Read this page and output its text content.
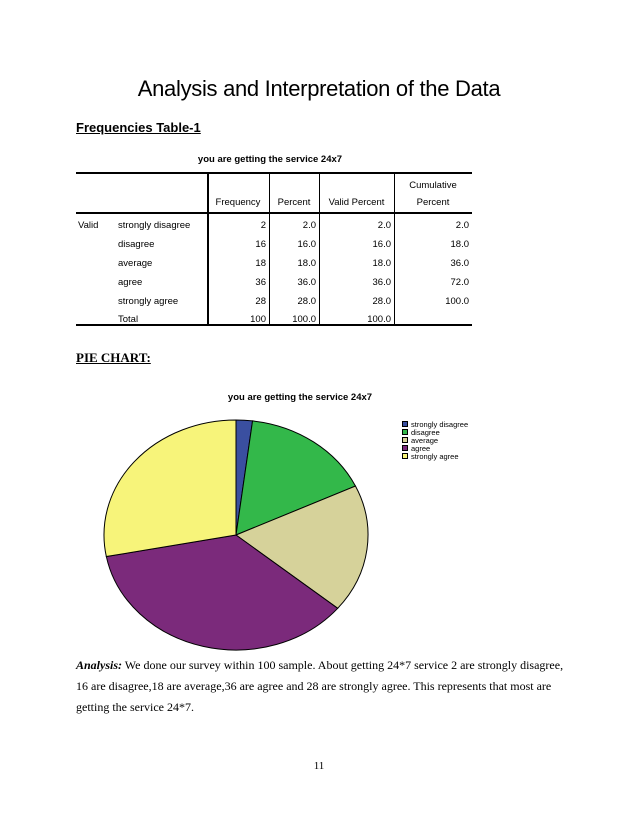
Analysis and Interpretation of the Data
Frequencies Table-1
you are getting the service 24x7
Frequency	Percent	Valid Percent
Cumulative
Percent
Valid strongly disagree	2	2.0	2.0	2.0
disagree	16	16.0	16.0	18.0
average	18	18.0	18.0	36.0
agree	36	36.0	36.0	72.0
strongly agree	28	28.0	28.0	100.0
Total	100	100.0	100.0
PIE CHART:
you are getting the service 24x7
strongly disagree
disagree
average
agree
strongly agree
Analysis: We done our survey within 100 sample. About getting 24*7 service 2 are strongly disagree, 16 are disagree,18 are average,36 are agree and 28 are strongly agree. This represents that most are getting the service 24*7.
11
